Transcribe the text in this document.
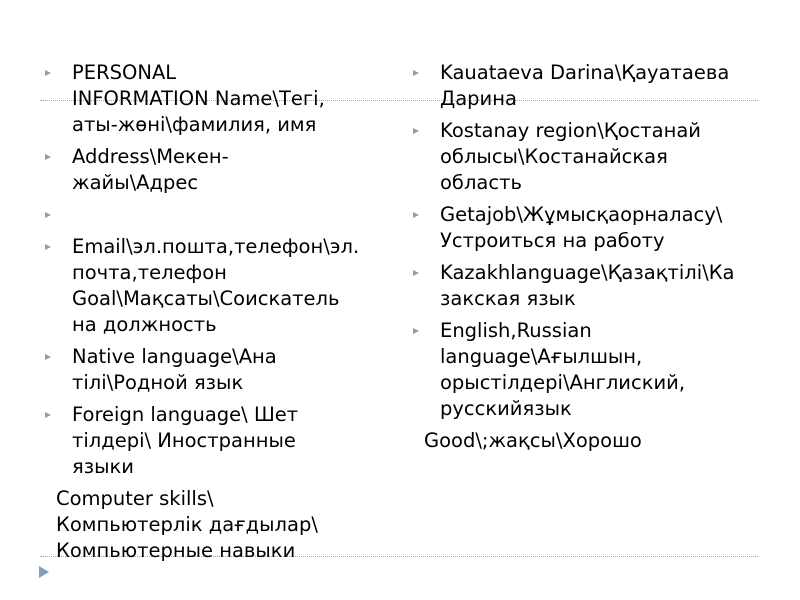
PERSONAL
INFORMATION Name\Тегі,
аты-жөні\фамилия, имя
Address\Мекен-
жайы\Адрес
Email\эл.пошта,телефон\эл.
почта,телефон
Goal\Мақсаты\Соискатель
на должность
Native language\Ана
тілі\Родной язык
Foreign language\ Шет
тілдері\ Иностранные
языки
Computer skills\
Компьютерлік дағдылар\
Компьютерные навыки
Kauataeva Darina\Қауатаева
Дарина
Kostanay region\Қостанай
облысы\Костанайская
область
Getajob\Жұмысқаорналасу\
Устроиться на работу
Kazakhlanguage\Қазақтілі\Ка
закская язык
English,Russian
language\Ағылшын,
орыстілдері\Англиский,
русскийязык
Good\;жақсы\Хорошо
